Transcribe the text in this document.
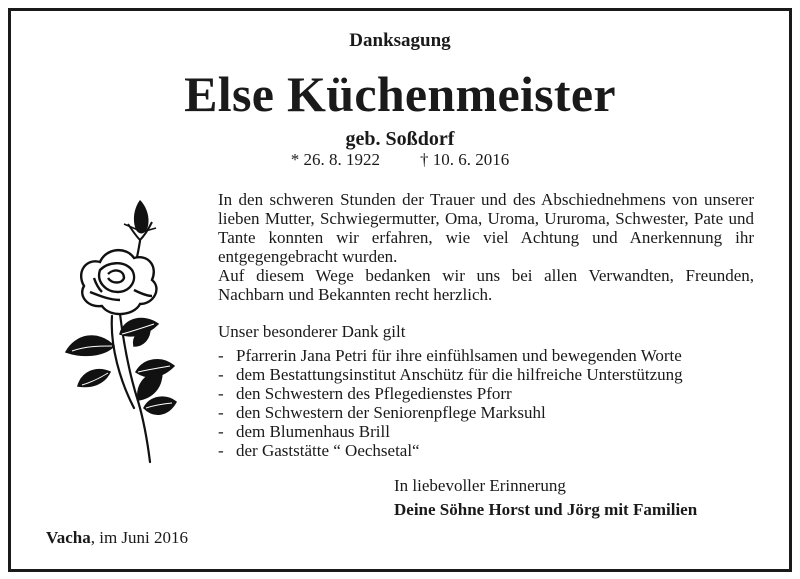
Danksagung
Else Küchenmeister
geb. Soßdorf
* 26. 8. 1922 † 10. 6. 2016
In den schweren Stunden der Trauer und des Abschiednehmens von unserer lieben Mutter, Schwiegermutter, Oma, Uroma, Ururoma, Schwester, Pate und Tante konnten wir erfahren, wie viel Achtung und Anerkennung ihr entgegengebracht wurden.
Auf diesem Wege bedanken wir uns bei allen Verwandten, Freunden, Nachbarn und Bekannten recht herzlich.
Unser besonderer Dank gilt
- Pfarrerin Jana Petri für ihre einfühlsamen und bewegenden Worte
- dem Bestattungsinstitut Anschütz für die hilfreiche Unterstützung
- den Schwestern des Pflegedienstes Pforr
- den Schwestern der Seniorenpflege Marksuhl
- dem Blumenhaus Brill
- der Gaststätte “ Oechsetal“
In liebevoller Erinnerung
Deine Söhne Horst und Jörg mit Familien
Vacha, im Juni 2016
